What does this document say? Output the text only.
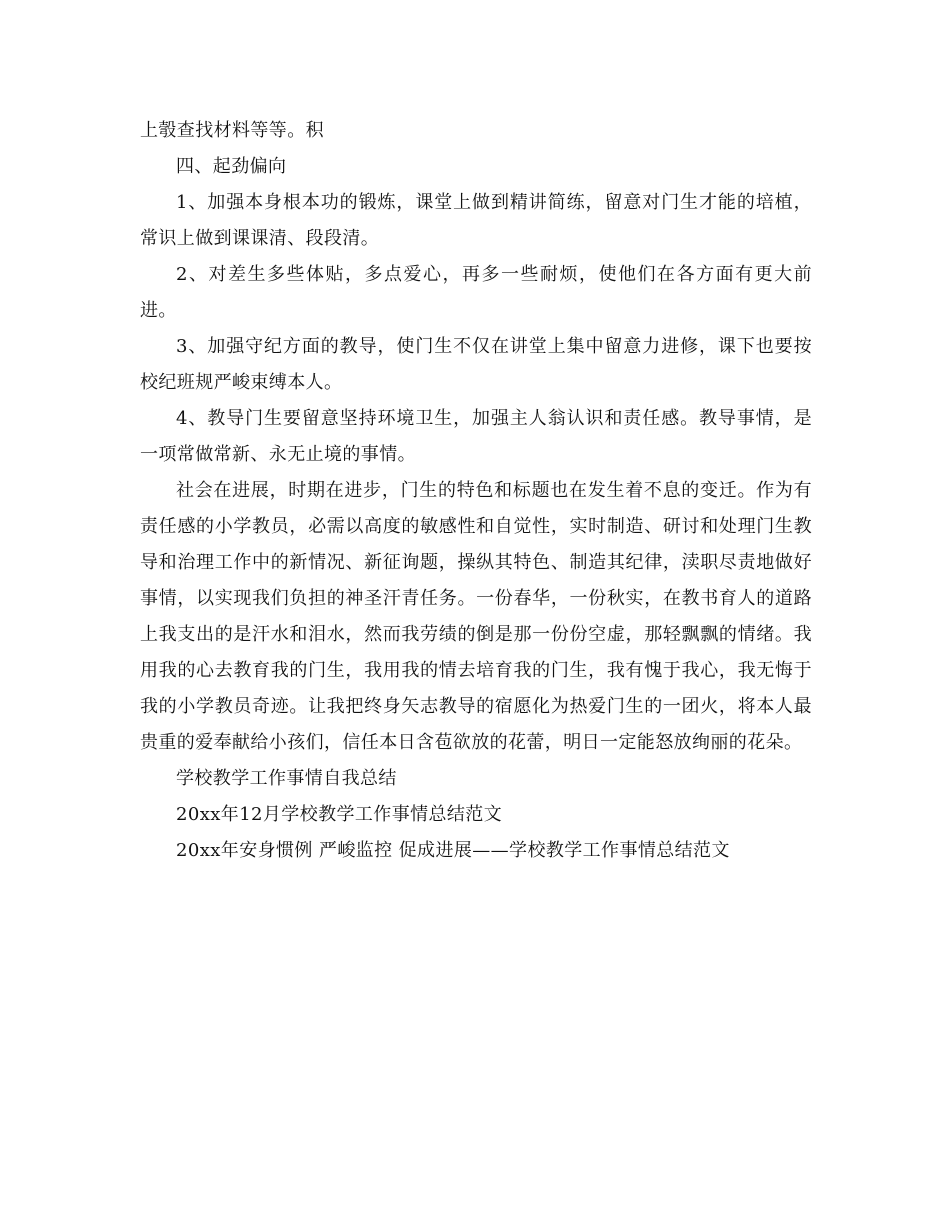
上彀查找材料等等。积

四、起劲偏向

1、加强本身根本功的锻炼，课堂上做到精讲简练，留意对门生才能的培植，常识上做到课课清、段段清。

2、对差生多些体贴，多点爱心，再多一些耐烦，使他们在各方面有更大前进。

3、加强守纪方面的教导，使门生不仅在讲堂上集中留意力进修，课下也要按校纪班规严峻束缚本人。

4、教导门生要留意坚持环境卫生，加强主人翁认识和责任感。教导事情，是一项常做常新、永无止境的事情。

社会在进展，时期在进步，门生的特色和标题也在发生着不息的变迁。作为有责任感的小学教员，必需以高度的敏感性和自觉性，实时制造、研讨和处理门生教导和治理工作中的新情况、新征询题，操纵其特色、制造其纪律，渎职尽责地做好事情，以实现我们负担的神圣汗青任务。一份春华，一份秋实，在教书育人的道路上我支出的是汗水和泪水，然而我劳绩的倒是那一份份空虚，那轻飘飘的情绪。我用我的心去教育我的门生，我用我的情去培育我的门生，我有愧于我心，我无悔于我的小学教员奇迹。让我把终身矢志教导的宿愿化为热爱门生的一团火，将本人最贵重的爱奉献给小孩们，信任本日含苞欲放的花蕾，明日一定能怒放绚丽的花朵。

学校教学工作事情自我总结

20xx年12月学校教学工作事情总结范文

20xx年安身惯例 严峻监控 促成进展——学校教学工作事情总结范文
